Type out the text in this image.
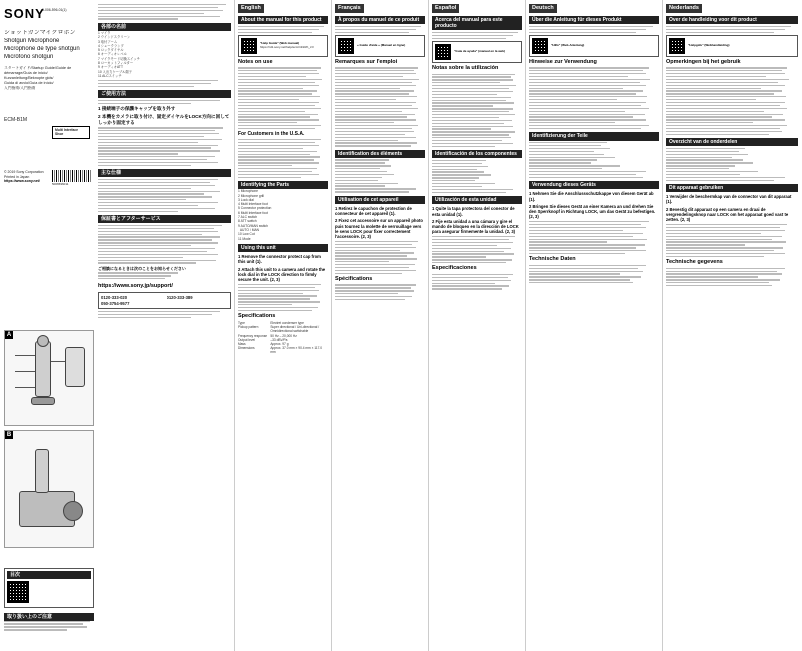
SONY
5-006-596-01(1)
ショットガンマイクロホン
Shotgun Microphone
Microphone de type shotgun
Micrófono shotgun
スタートガイド/Startup Guide/Guide de
démarrage/Guía de inicio/
Kurzanleitung/Beknopte gids/
Guida di avvio/Guía de início/
入門指南/入門指南
Multi Interface Shoe
ECM-B1M
© 2019 Sony Corporation
Printed in Japan
https://www.sony.net/
5006596011
A
B
目次
取り扱い上のご注意
各部の名前
1 マイク
2 ウインドスクリーン
3 取付アーム
4 シュークランプ
5 ロックダイヤル
6 オーディオレベル
7 マイクモード切換スイッチ
8 ローカットフィルター
9 オーディオATT
10 入出力ケーブル端子
11 ALCスイッチ
ご使用方法
1 接続端子の保護キャップを取り外す
2 本機をカメラに取り付け、固定ダイヤルをLOCK方向に回してしっかり固定する
主な仕様
保証書とアフターサービス
ご相談になるときは次のことをお知らせください
https://www.sony.jp/support/
0120-333-020
050-3754-9577
0120-333-389
English
About the manual for this product
"Help Guide" (Web manual)
https://rd1.sony.net/help/ecm/1910/h_zz/
Notes on use
For Customers in the U.S.A.
Identifying the Parts
1 Microphone
2 Microphone grill
3 Lock dial
4 Multi Interface foot
5 Connector protection
6 Multi Interface foot
7 ALC switch
8 ATT switch
9 AUTO/MAN switch
AUTO / MAN
10 Low Cut
11 Mode
Using this unit
1 Remove the connector protect cap from this unit (1).
2 Attach this unit to a camera and rotate the lock dial in the LOCK direction to firmly secure the unit. (2, 3)
Specifications
Type	Electret condenser type
Pickup pattern	Super directional / Uni-directional / Omnidirectional switchable
Frequency response	50 Hz – 20,000 Hz
Output level	–33 dBV/Pa
Mass	Approx. 97 g
Dimensions	Approx. 37.0 mm × 90.4 mm × 117.0 mm
Français
À propos du manuel de ce produit
« Guide d'aide » (Manuel en ligne)
Remarques sur l'emploi
Identification des éléments
Utilisation de cet appareil
1 Retirez le capuchon de protection de connecteur de cet appareil (1).
2 Fixez cet accessoire sur un appareil photo puis tournez la molette de verrouillage vers le sens LOCK pour fixer correctement l'accessoire. (2, 3)
Spécifications
Español
Acerca del manual para este producto
"Guía de ayuda" (manual en la web)
Notas sobre la utilización
Identificación de los componentes
Utilización de esta unidad
1 Quite la tapa protectora del conector de esta unidad (1).
2 Fije esta unidad a una cámara y gire el mando de bloqueo en la dirección de LOCK para asegurar firmemente la unidad. (2, 3)
Especificaciones
Deutsch
Über die Anleitung für dieses Produkt
"Hilfe" (Web-Anleitung)
Hinweise zur Verwendung
Identifizierung der Teile
Verwendung dieses Geräts
1 Nehmen Sie die Anschlussschutzkappe von diesem Gerät ab (1).
2 Bringen Sie dieses Gerät an einer Kamera an und drehen Sie den Sperrknopf in Richtung LOCK, um das Gerät zu befestigen. (2, 3)
Technische Daten
Nederlands
Over de handleiding voor dit product
"Helpgids" (Webhandleiding)
Opmerkingen bij het gebruik
Overzicht van de onderdelen
Dit apparaat gebruiken
1 Verwijder de beschermkap van de connector van dit apparaat (1).
2 Bevestig dit apparaat op een camera en draai de vergrendelingsknop naar LOCK om het apparaat goed vast te zetten. (2, 3)
Technische gegevens
